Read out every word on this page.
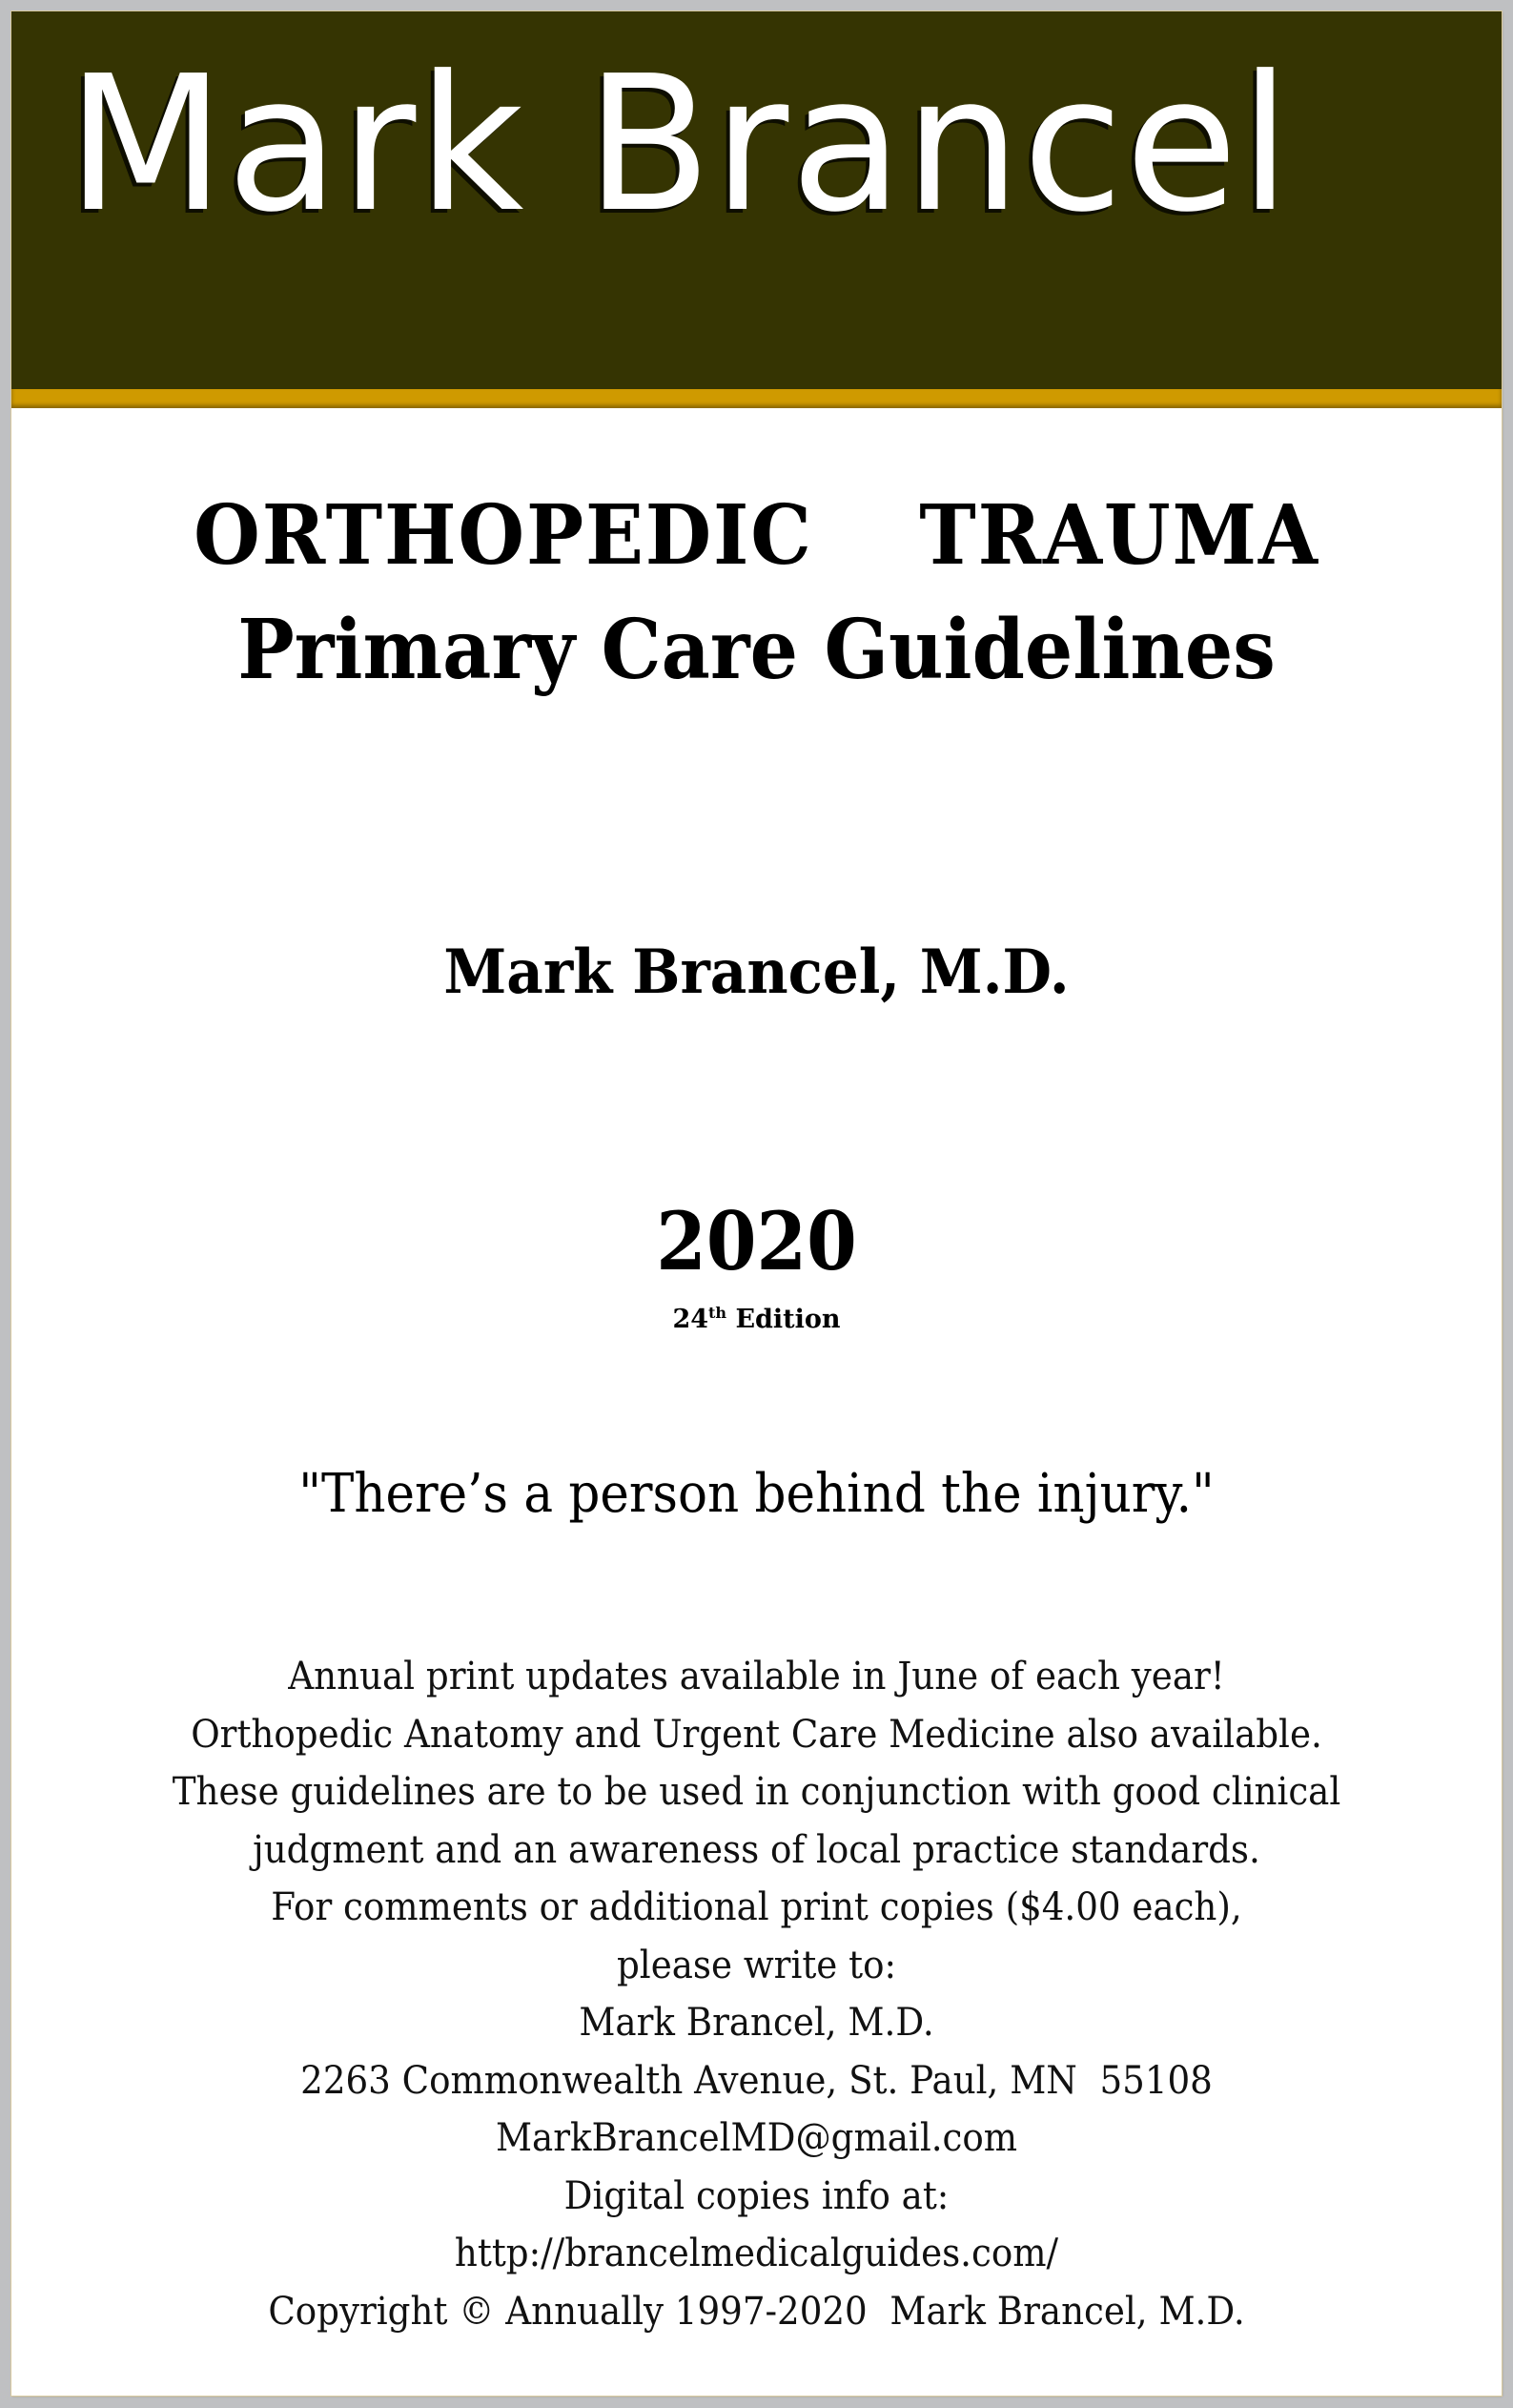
Mark Brancel
ORTHOPEDIC  TRAUMA
Primary Care Guidelines
Mark Brancel, M.D.
2020
24th Edition
"There’s a person behind the injury."
Annual print updates available in June of each year!
Orthopedic Anatomy and Urgent Care Medicine also available.
These guidelines are to be used in conjunction with good clinical
judgment and an awareness of local practice standards.
For comments or additional print copies ($4.00 each),
please write to:
Mark Brancel, M.D.
2263 Commonwealth Avenue, St. Paul, MN  55108
MarkBrancelMD@gmail.com
Digital copies info at:
http://brancelmedicalguides.com/
Copyright © Annually 1997-2020  Mark Brancel, M.D.
